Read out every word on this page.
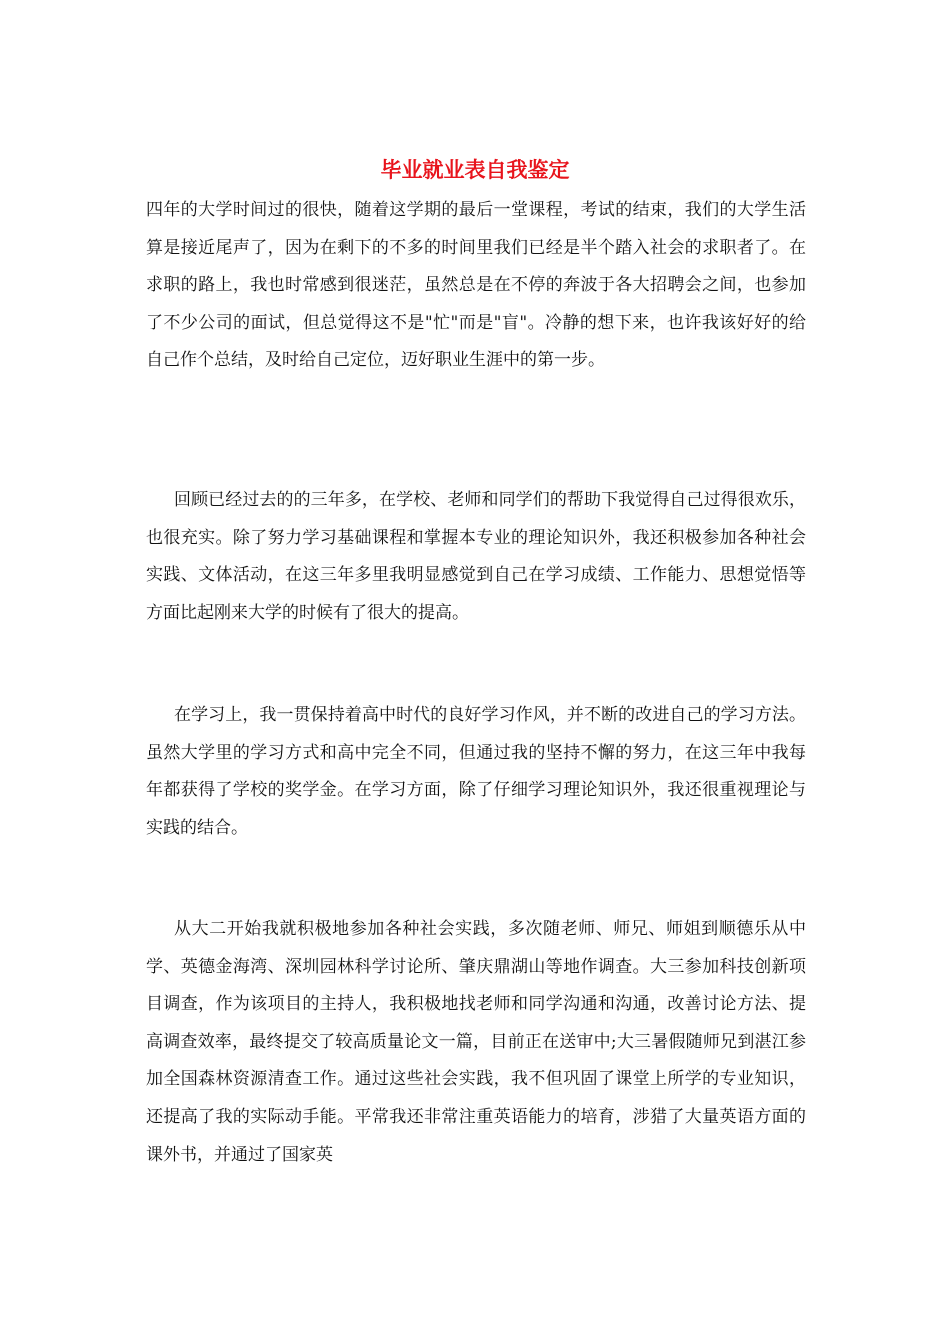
毕业就业表自我鉴定

四年的大学时间过的很快，随着这学期的最后一堂课程，考试的结束，我们的大学生活算是接近尾声了，因为在剩下的不多的时间里我们已经是半个踏入社会的求职者了。在求职的路上，我也时常感到很迷茫，虽然总是在不停的奔波于各大招聘会之间，也参加了不少公司的面试，但总觉得这不是"忙"而是"盲"。冷静的想下来，也许我该好好的给自己作个总结，及时给自己定位，迈好职业生涯中的第一步。

回顾已经过去的的三年多，在学校、老师和同学们的帮助下我觉得自己过得很欢乐，也很充实。除了努力学习基础课程和掌握本专业的理论知识外，我还积极参加各种社会实践、文体活动，在这三年多里我明显感觉到自己在学习成绩、工作能力、思想觉悟等方面比起刚来大学的时候有了很大的提高。

在学习上，我一贯保持着高中时代的良好学习作风，并不断的改进自己的学习方法。虽然大学里的学习方式和高中完全不同，但通过我的坚持不懈的努力，在这三年中我每年都获得了学校的奖学金。在学习方面，除了仔细学习理论知识外，我还很重视理论与实践的结合。

从大二开始我就积极地参加各种社会实践，多次随老师、师兄、师姐到顺德乐从中学、英德金海湾、深圳园林科学讨论所、肇庆鼎湖山等地作调查。大三参加科技创新项目调查，作为该项目的主持人，我积极地找老师和同学沟通和沟通，改善讨论方法、提高调查效率，最终提交了较高质量论文一篇，目前正在送审中;大三暑假随师兄到湛江参加全国森林资源清查工作。通过这些社会实践，我不但巩固了课堂上所学的专业知识，还提高了我的实际动手能。平常我还非常注重英语能力的培育，涉猎了大量英语方面的课外书，并通过了国家英
